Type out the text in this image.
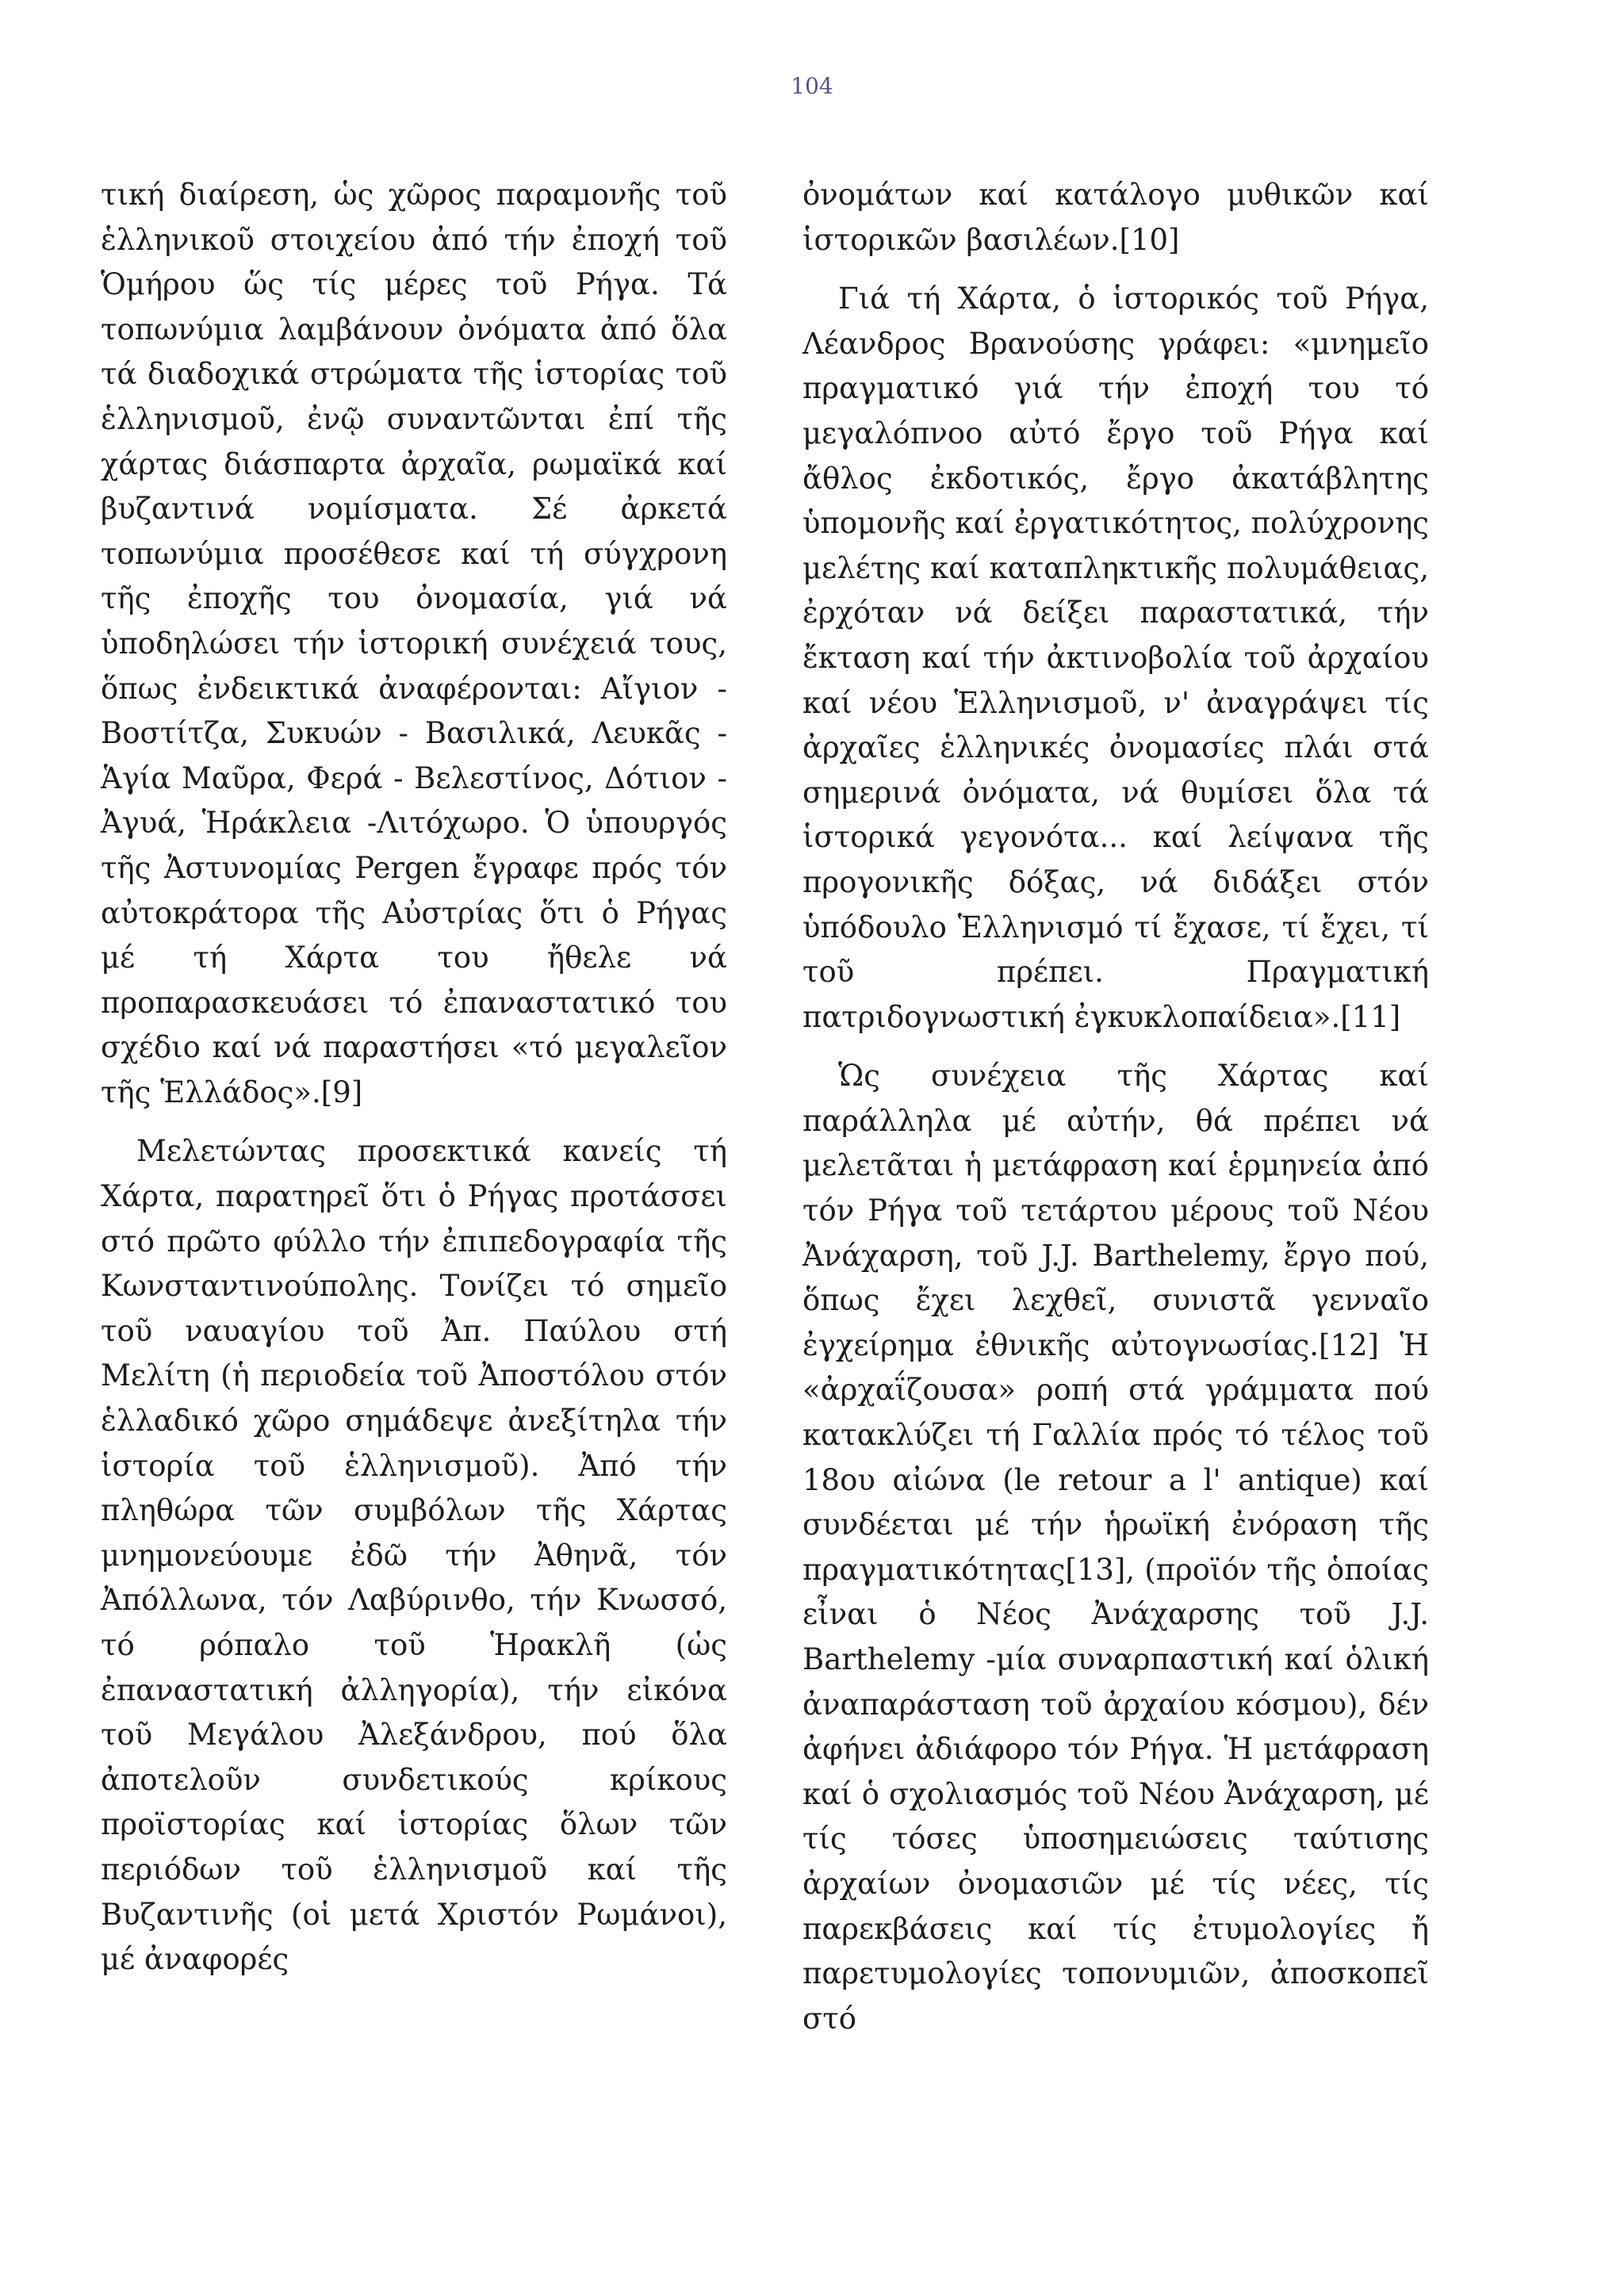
104

τική διαίρεση, ὡς χῶρος παραμονῆς τοῦ ἑλληνικοῦ στοιχείου ἀπό τήν ἐποχή τοῦ Ὁμήρου ὥς τίς μέρες τοῦ Ρήγα. Τά τοπωνύμια λαμβάνουν ὀνόματα ἀπό ὅλα τά διαδοχικά στρώματα τῆς ἱστορίας τοῦ ἑλληνισμοῦ, ἐνῷ συναντῶνται ἐπί τῆς χάρτας διάσπαρτα ἀρχαῖα, ρωμαϊκά καί βυζαντινά νομίσματα. Σέ ἀρκετά τοπωνύμια προσέθεσε καί τή σύγχρονη τῆς ἐποχῆς του ὀνομασία, γιά νά ὑποδηλώσει τήν ἱστορική συνέχειά τους, ὅπως ἐνδεικτικά ἀναφέρονται: Αἴγιον - Βοστίτζα, Συκυών - Βασιλικά, Λευκᾶς - Ἁγία Μαῦρα, Φερά - Βελεστίνος, Δότιον - Ἀγυά, Ἡράκλεια -Λιτόχωρο. Ὁ ὑπουργός τῆς Ἀστυνομίας Pergen ἔγραφε πρός τόν αὐτοκράτορα τῆς Αὐστρίας ὅτι ὁ Ρήγας μέ τή Χάρτα του ἤθελε νά προπαρασκευάσει τό ἐπαναστατικό του σχέδιο καί νά παραστήσει «τό μεγαλεῖον τῆς Ἑλλάδος».[9]

Μελετώντας προσεκτικά κανείς τή Χάρτα, παρατηρεῖ ὅτι ὁ Ρήγας προτάσσει στό πρῶτο φύλλο τήν ἐπιπεδογραφία τῆς Κωνσταντινούπολης. Τονίζει τό σημεῖο τοῦ ναυαγίου τοῦ Ἀπ. Παύλου στή Μελίτη (ἡ περιοδεία τοῦ Ἀποστόλου στόν ἑλλαδικό χῶρο σημάδεψε ἀνεξίτηλα τήν ἱστορία τοῦ ἑλληνισμοῦ). Ἀπό τήν πληθώρα τῶν συμβόλων τῆς Χάρτας μνημονεύουμε ἐδῶ τήν Ἀθηνᾶ, τόν Ἀπόλλωνα, τόν Λαβύρινθο, τήν Κνωσσό, τό ρόπαλο τοῦ Ἡρακλῆ (ὡς ἐπαναστατική ἀλληγορία), τήν εἰκόνα τοῦ Μεγάλου Ἀλεξάνδρου, πού ὅλα ἀποτελοῦν συνδετικούς κρίκους προϊστορίας καί ἱστορίας ὅλων τῶν περιόδων τοῦ ἑλληνισμοῦ καί τῆς Βυζαντινῆς (οἱ μετά Χριστόν Ρωμάνοι), μέ ἀναφορές

ὀνομάτων καί κατάλογο μυθικῶν καί ἱστορικῶν βασιλέων.[10]

Γιά τή Χάρτα, ὁ ἱστορικός τοῦ Ρήγα, Λέανδρος Βρανούσης γράφει: «μνημεῖο πραγματικό γιά τήν ἐποχή του τό μεγαλόπνοο αὐτό ἔργο τοῦ Ρήγα καί ἄθλος ἐκδοτικός, ἔργο ἀκατάβλητης ὑπομονῆς καί ἐργατικότητος, πολύχρονης μελέτης καί καταπληκτικῆς πολυμάθειας, ἐρχόταν νά δείξει παραστατικά, τήν ἔκταση καί τήν ἀκτινοβολία τοῦ ἀρχαίου καί νέου Ἑλληνισμοῦ, ν' ἀναγράψει τίς ἀρχαῖες ἑλληνικές ὀνομασίες πλάι στά σημερινά ὀνόματα, νά θυμίσει ὅλα τά ἱστορικά γεγονότα... καί λείψανα τῆς προγονικῆς δόξας, νά διδάξει στόν ὑπόδουλο Ἑλληνισμό τί ἔχασε, τί ἔχει, τί τοῦ πρέπει. Πραγματική πατριδογνωστική ἐγκυκλοπαίδεια».[11]

Ὡς συνέχεια τῆς Χάρτας καί παράλληλα μέ αὐτήν, θά πρέπει νά μελετᾶται ἡ μετάφραση καί ἑρμηνεία ἀπό τόν Ρήγα τοῦ τετάρτου μέρους τοῦ Νέου Ἀνάχαρση, τοῦ J.J. Barthelemy, ἔργο πού, ὅπως ἔχει λεχθεῖ, συνιστᾶ γενναῖο ἐγχείρημα ἐθνικῆς αὐτογνωσίας.[12] Ἡ «ἀρχαΐζουσα» ροπή στά γράμματα πού κατακλύζει τή Γαλλία πρός τό τέλος τοῦ 18ου αἰώνα (le retour a l' antique) καί συνδέεται μέ τήν ἡρωϊκή ἐνόραση τῆς πραγματικότητας[13], (προϊόν τῆς ὁποίας εἶναι ὁ Νέος Ἀνάχαρσης τοῦ J.J. Barthelemy -μία συναρπαστική καί ὁλική ἀναπαράσταση τοῦ ἀρχαίου κόσμου), δέν ἀφήνει ἀδιάφορο τόν Ρήγα. Ἡ μετάφραση καί ὁ σχολιασμός τοῦ Νέου Ἀνάχαρση, μέ τίς τόσες ὑποσημειώσεις ταύτισης ἀρχαίων ὀνομασιῶν μέ τίς νέες, τίς παρεκβάσεις καί τίς ἐτυμολογίες ἤ παρετυμολογίες τοπονυμιῶν, ἀποσκοπεῖ στό
